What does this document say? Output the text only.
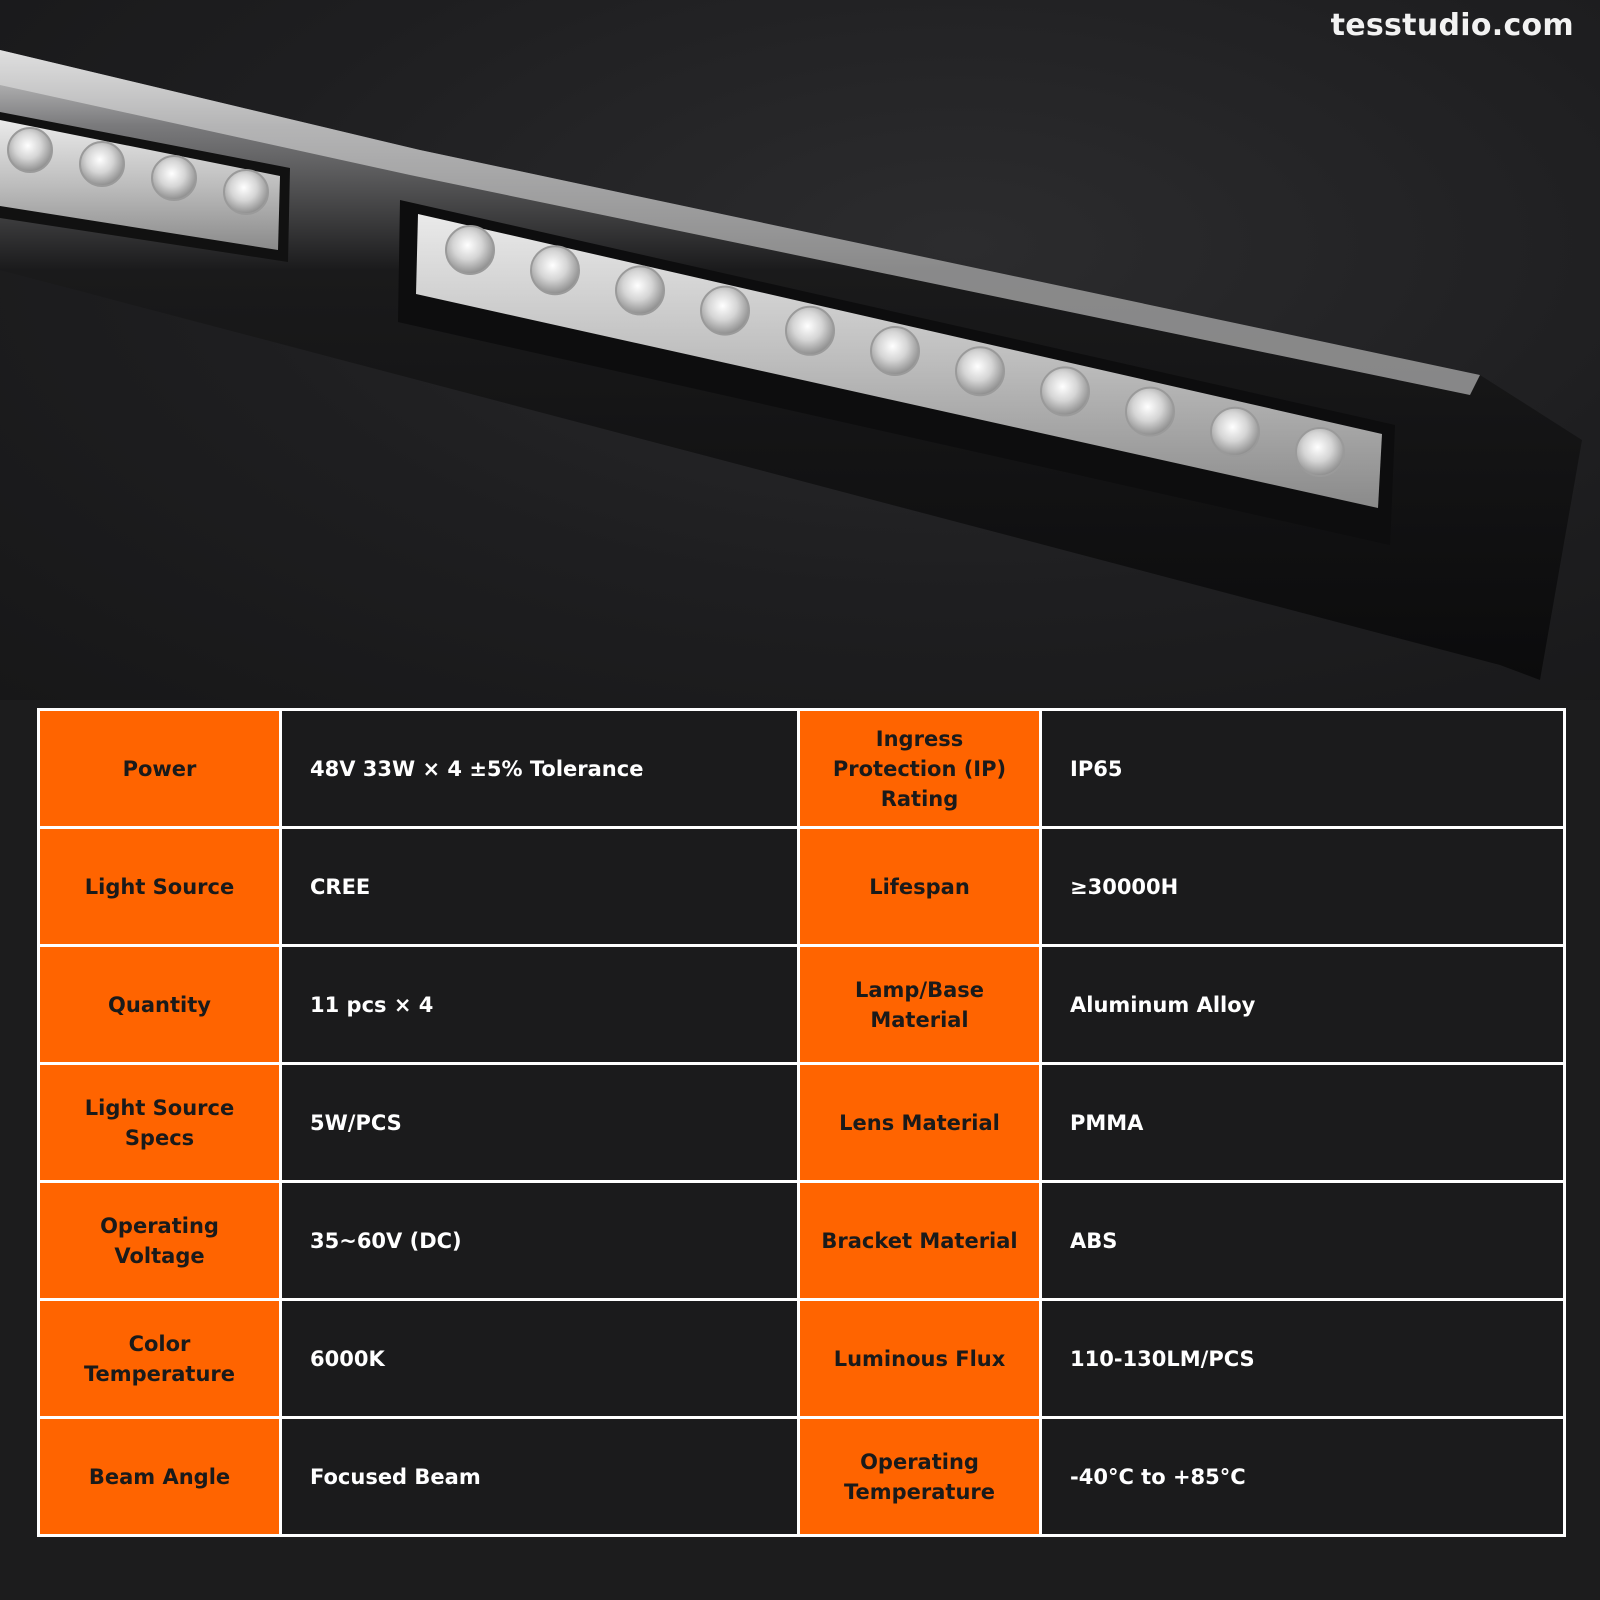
tesstudio.com
Power	48V 33W × 4 ±5% Tolerance	Ingress Protection (IP) Rating	IP65
Light Source	CREE	Lifespan	≥30000H
Quantity	11 pcs × 4	Lamp/Base Material	Aluminum Alloy
Light Source Specs	5W/PCS	Lens Material	PMMA
Operating Voltage	35~60V (DC)	Bracket Material	ABS
Color Temperature	6000K	Luminous Flux	110-130LM/PCS
Beam Angle	Focused Beam	Operating Temperature	-40°C to +85°C
